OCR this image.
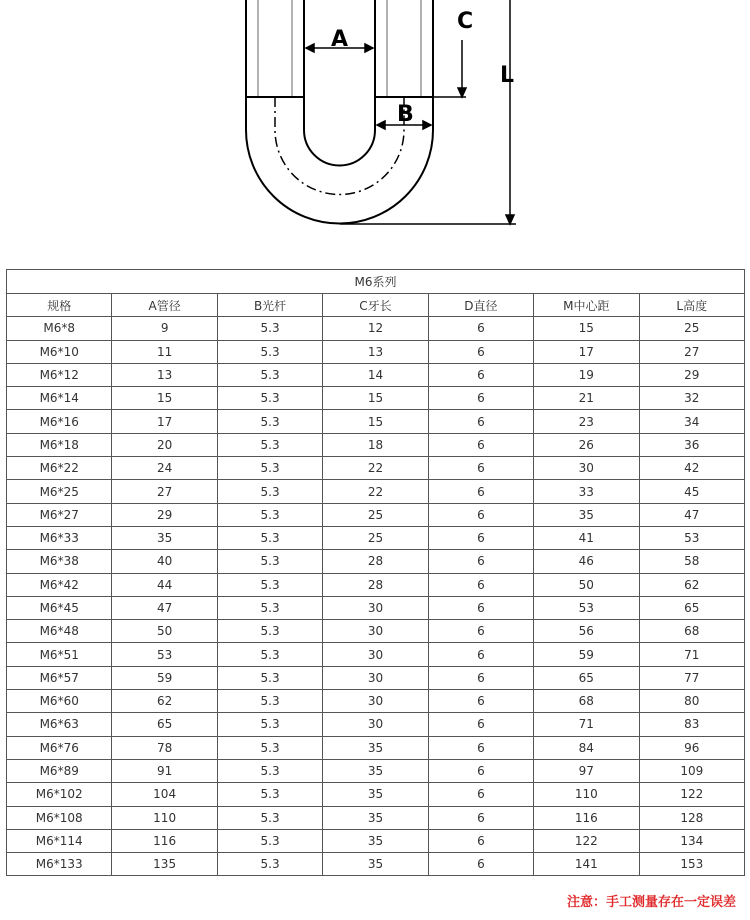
A
B
C
L
M6系列						
规格	A管径	B光杆	C牙长	D直径	M中心距	L高度
M6*8	9	5.3	12	6	15	25
M6*10	11	5.3	13	6	17	27
M6*12	13	5.3	14	6	19	29
M6*14	15	5.3	15	6	21	32
M6*16	17	5.3	15	6	23	34
M6*18	20	5.3	18	6	26	36
M6*22	24	5.3	22	6	30	42
M6*25	27	5.3	22	6	33	45
M6*27	29	5.3	25	6	35	47
M6*33	35	5.3	25	6	41	53
M6*38	40	5.3	28	6	46	58
M6*42	44	5.3	28	6	50	62
M6*45	47	5.3	30	6	53	65
M6*48	50	5.3	30	6	56	68
M6*51	53	5.3	30	6	59	71
M6*57	59	5.3	30	6	65	77
M6*60	62	5.3	30	6	68	80
M6*63	65	5.3	30	6	71	83
M6*76	78	5.3	35	6	84	96
M6*89	91	5.3	35	6	97	109
M6*102	104	5.3	35	6	110	122
M6*108	110	5.3	35	6	116	128
M6*114	116	5.3	35	6	122	134
M6*133	135	5.3	35	6	141	153
注意：手工测量存在一定误差
